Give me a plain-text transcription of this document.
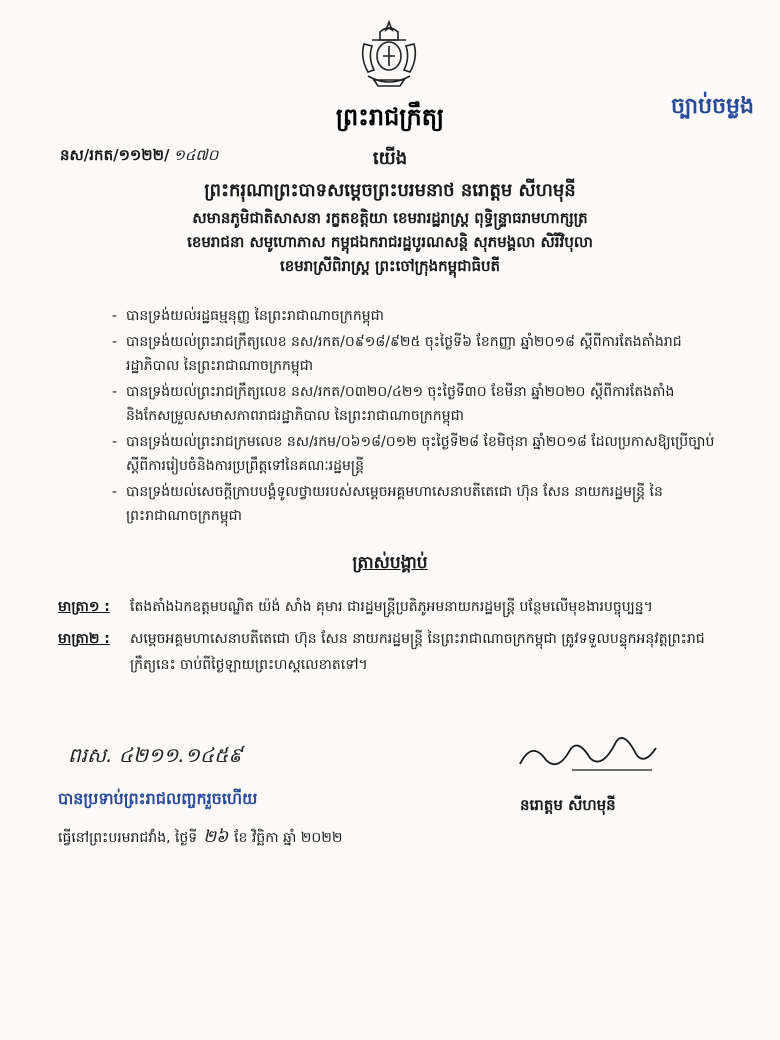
ច្បាប់ចម្លង
ព្រះរាជក្រឹត្យ
នស/រកត/១១២២/ ១៤៧០	យើង
ព្រះករុណាព្រះបាទសម្តេចព្រះបរមនាថ នរោត្តម សីហមុនី
សមានភូមិជាតិសាសនា រក្ខតខត្តិយា ខេមរារដ្ឋរាស្ត្រ ពុទ្ធិន្ទ្រាធរាមហាក្សត្រ
ខេមរាជនា សមូហោភាស កម្ពុជឯករាជរដ្ឋបូរណសន្តិ សុភមង្គលា សិរីវិបុលា
ខេមរាស្រីពិរាស្ត្រ ព្រះចៅក្រុងកម្ពុជាធិបតី
- បានទ្រង់យល់រដ្ឋធម្មនុញ្ញ នៃព្រះរាជាណាចក្រកម្ពុជា
- បានទ្រង់យល់ព្រះរាជក្រឹត្យលេខ នស/រកត/០៩១៨/៩២៥ ចុះថ្ងៃទី៦ ខែកញ្ញា ឆ្នាំ២០១៨ ស្តីពីការតែងតាំងរាជរដ្ឋាភិបាល នៃព្រះរាជាណាចក្រកម្ពុជា
- បានទ្រង់យល់ព្រះរាជក្រឹត្យលេខ នស/រកត/០៣២០/៤២១ ចុះថ្ងៃទី៣០ ខែមីនា ឆ្នាំ២០២០ ស្តីពីការតែងតាំង និងកែសម្រួលសមាសភាពរាជរដ្ឋាភិបាល នៃព្រះរាជាណាចក្រកម្ពុជា
- បានទ្រង់យល់ព្រះរាជក្រមលេខ នស/រកម/០៦១៨/០១២ ចុះថ្ងៃទី២៨ ខែមិថុនា ឆ្នាំ២០១៨ ដែលប្រកាសឱ្យប្រើច្បាប់ស្តីពីការរៀបចំនិងការប្រព្រឹត្តទៅនៃគណៈរដ្ឋមន្ត្រី
- បានទ្រង់យល់សេចក្តីក្រាបបង្គំទូលថ្វាយរបស់សម្តេចអគ្គមហាសេនាបតីតេជោ ហ៊ុន សែន នាយករដ្ឋមន្ត្រី នៃព្រះរាជាណាចក្រកម្ពុជា
ត្រាស់បង្គាប់
មាត្រា១ :	តែងតាំងឯកឧត្តមបណ្ឌិត យ៉ង់ សាំង គុមារ ជារដ្ឋមន្ត្រីប្រតិភូអមនាយករដ្ឋមន្ត្រី បន្ថែមលើមុខងារបច្ចុប្បន្ន។
មាត្រា២ :	សម្តេចអគ្គមហាសេនាបតីតេជោ ហ៊ុន សែន នាយករដ្ឋមន្ត្រី នៃព្រះរាជាណាចក្រកម្ពុជា ត្រូវទទួលបន្ទុកអនុវត្តព្រះរាជក្រឹត្យនេះ ចាប់ពីថ្ងៃឡាយព្រះហស្តលេខាតទៅ។
ពរស. ៤២១១.១៤៥៩
បានប្រទាប់ព្រះរាជលញ្ចករួចហើយ
ធ្វើនៅព្រះបរមរាជវាំង, ថ្ងៃទី ២៦ ខែ វិច្ឆិកា ឆ្នាំ ២០២២
នរោត្តម សីហមុនី
